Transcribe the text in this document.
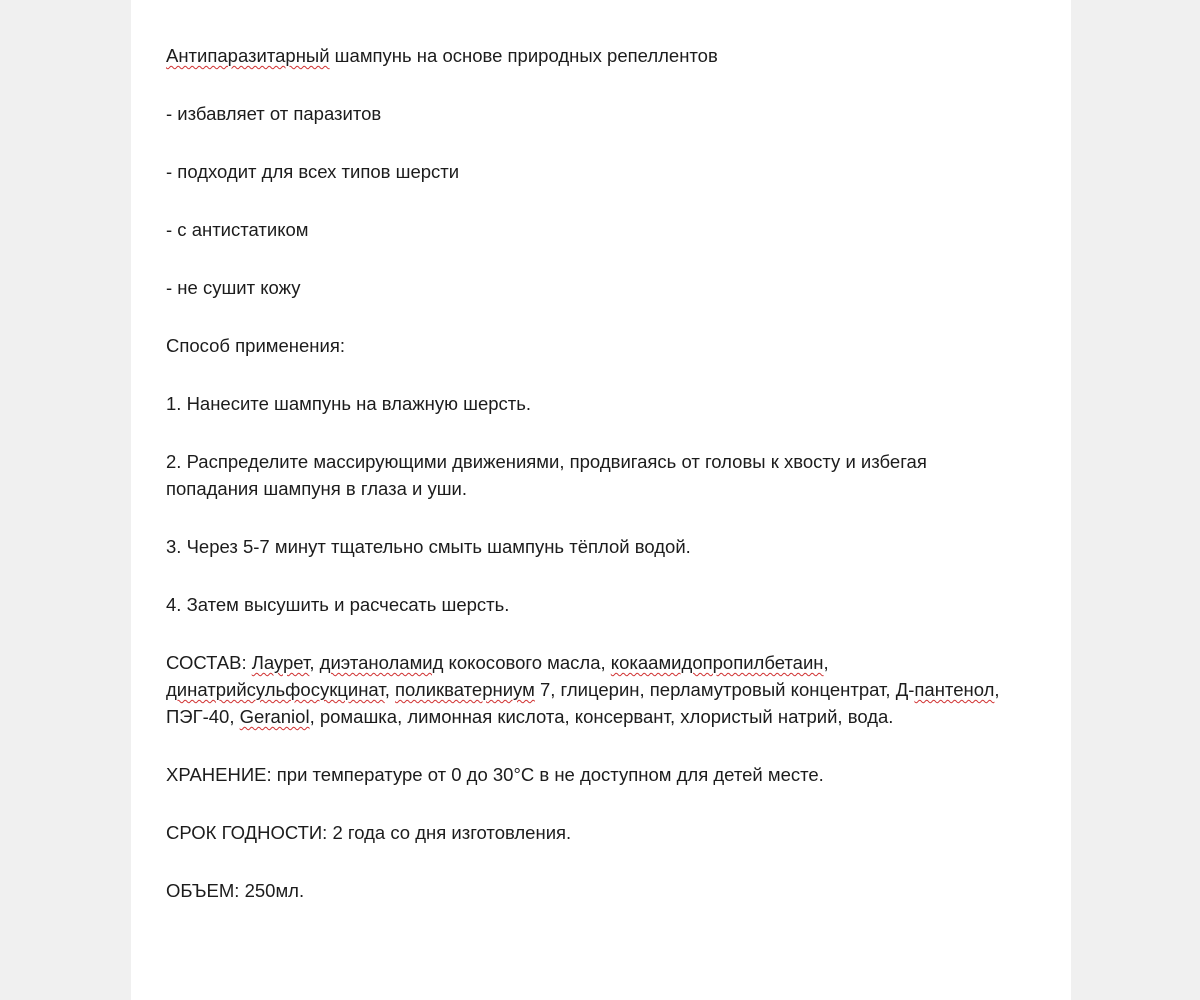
Антипаразитарный шампунь на основе природных репеллентов

- избавляет от паразитов

- подходит для всех типов шерсти

- с антистатиком

- не сушит кожу

Способ применения:

1. Нанесите шампунь на влажную шерсть.

2. Распределите массирующими движениями, продвигаясь от головы к хвосту и избегая попадания шампуня в глаза и уши.

3. Через 5-7 минут тщательно смыть шампунь тёплой водой.

4. Затем высушить и расчесать шерсть.

СОСТАВ: Лаурет, диэтаноламид кокосового масла, кокаамидопропилбетаин, динатрийсульфосукцинат, поликватерниум 7, глицерин, перламутровый концентрат, Д-пантенол, ПЭГ-40, Geraniol, ромашка, лимонная кислота, консервант, хлористый натрий, вода.

ХРАНЕНИЕ: при температуре от 0 до 30°С в не доступном для детей месте.

СРОК ГОДНОСТИ: 2 года со дня изготовления.

ОБЪЕМ: 250мл.
